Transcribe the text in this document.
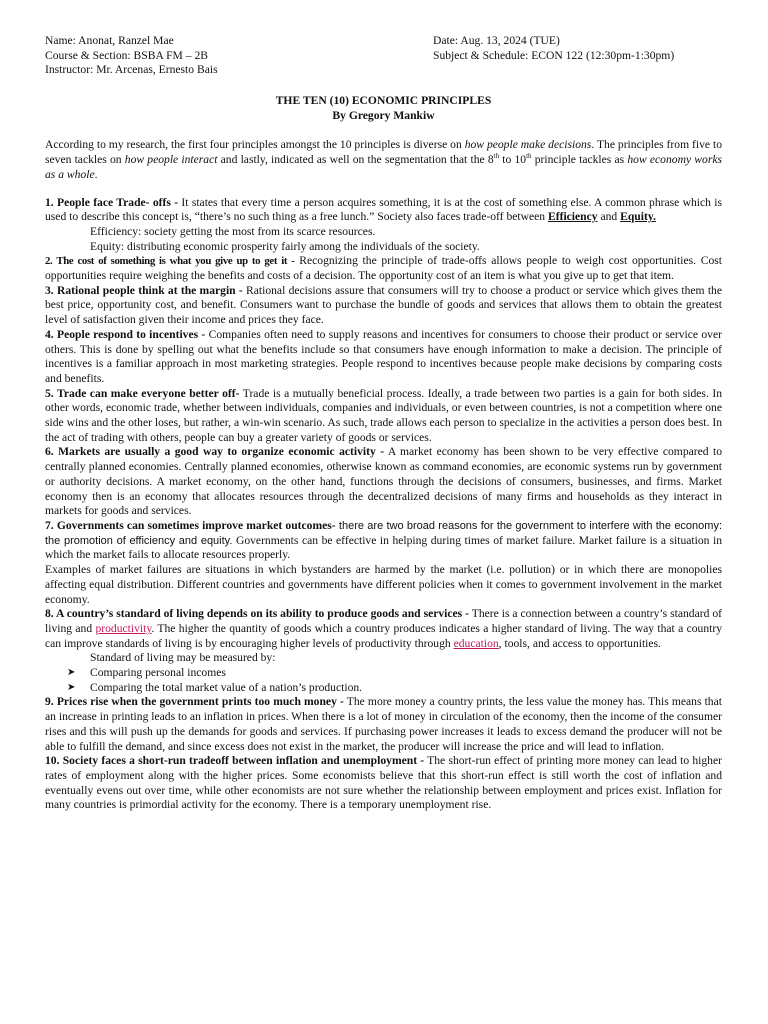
Name: Anonat, Ranzel Mae
Course & Section: BSBA FM – 2B
Instructor: Mr. Arcenas, Ernesto Bais
Date: Aug. 13, 2024 (TUE)
Subject & Schedule: ECON 122 (12:30pm-1:30pm)
THE TEN (10) ECONOMIC PRINCIPLES
By Gregory Mankiw
According to my research, the first four principles amongst the 10 principles is diverse on how people make decisions. The principles from five to seven tackles on how people interact and lastly, indicated as well on the segmentation that the 8th to 10th principle tackles as how economy works as a whole.
1. People face Trade- offs - It states that every time a person acquires something, it is at the cost of something else. A common phrase which is used to describe this concept is, “there’s no such thing as a free lunch.” Society also faces trade-off between Efficiency and Equity.
Efficiency: society getting the most from its scarce resources.
Equity: distributing economic prosperity fairly among the individuals of the society.
2. The cost of something is what you give up to get it - Recognizing the principle of trade-offs allows people to weigh cost opportunities. Cost opportunities require weighing the benefits and costs of a decision. The opportunity cost of an item is what you give up to get that item.
3. Rational people think at the margin - Rational decisions assure that consumers will try to choose a product or service which gives them the best price, opportunity cost, and benefit. Consumers want to purchase the bundle of goods and services that allows them to obtain the greatest level of satisfaction given their income and prices they face.
4. People respond to incentives - Companies often need to supply reasons and incentives for consumers to choose their product or service over others. This is done by spelling out what the benefits include so that consumers have enough information to make a decision. The principle of incentives is a familiar approach in most marketing strategies. People respond to incentives because people make decisions by comparing costs and benefits.
5. Trade can make everyone better off- Trade is a mutually beneficial process. Ideally, a trade between two parties is a gain for both sides. In other words, economic trade, whether between individuals, companies and individuals, or even between countries, is not a competition where one side wins and the other loses, but rather, a win-win scenario. As such, trade allows each person to specialize in the activities a person does best. In the act of trading with others, people can buy a greater variety of goods or services.
6. Markets are usually a good way to organize economic activity - A market economy has been shown to be very effective compared to centrally planned economies. Centrally planned economies, otherwise known as command economies, are economic systems run by government or authority decisions. A market economy, on the other hand, functions through the decisions of consumers, businesses, and firms. Market economy then is an economy that allocates resources through the decentralized decisions of many firms and households as they interact in markets for goods and services.
7. Governments can sometimes improve market outcomes- there are two broad reasons for the government to interfere with the economy: the promotion of efficiency and equity. Governments can be effective in helping during times of market failure. Market failure is a situation in which the market fails to allocate resources properly.
Examples of market failures are situations in which bystanders are harmed by the market (i.e. pollution) or in which there are monopolies affecting equal distribution. Different countries and governments have different policies when it comes to government involvement in the market economy.
8. A country’s standard of living depends on its ability to produce goods and services - There is a connection between a country’s standard of living and productivity. The higher the quantity of goods which a country produces indicates a higher standard of living. The way that a country can improve standards of living is by encouraging higher levels of productivity through education, tools, and access to opportunities.
Standard of living may be measured by:
➤ Comparing personal incomes
➤ Comparing the total market value of a nation’s production.
9. Prices rise when the government prints too much money - The more money a country prints, the less value the money has. This means that an increase in printing leads to an inflation in prices. When there is a lot of money in circulation of the economy, then the income of the consumer rises and this will push up the demands for goods and services. If purchasing power increases it leads to excess demand the producer will not be able to fulfill the demand, and since excess does not exist in the market, the producer will increase the price and will lead to inflation.
10. Society faces a short-run tradeoff between inflation and unemployment - The short-run effect of printing more money can lead to higher rates of employment along with the higher prices. Some economists believe that this short-run effect is still worth the cost of inflation and eventually evens out over time, while other economists are not sure whether the relationship between employment and prices exist. Inflation for many countries is primordial activity for the economy. There is a temporary unemployment rise.
